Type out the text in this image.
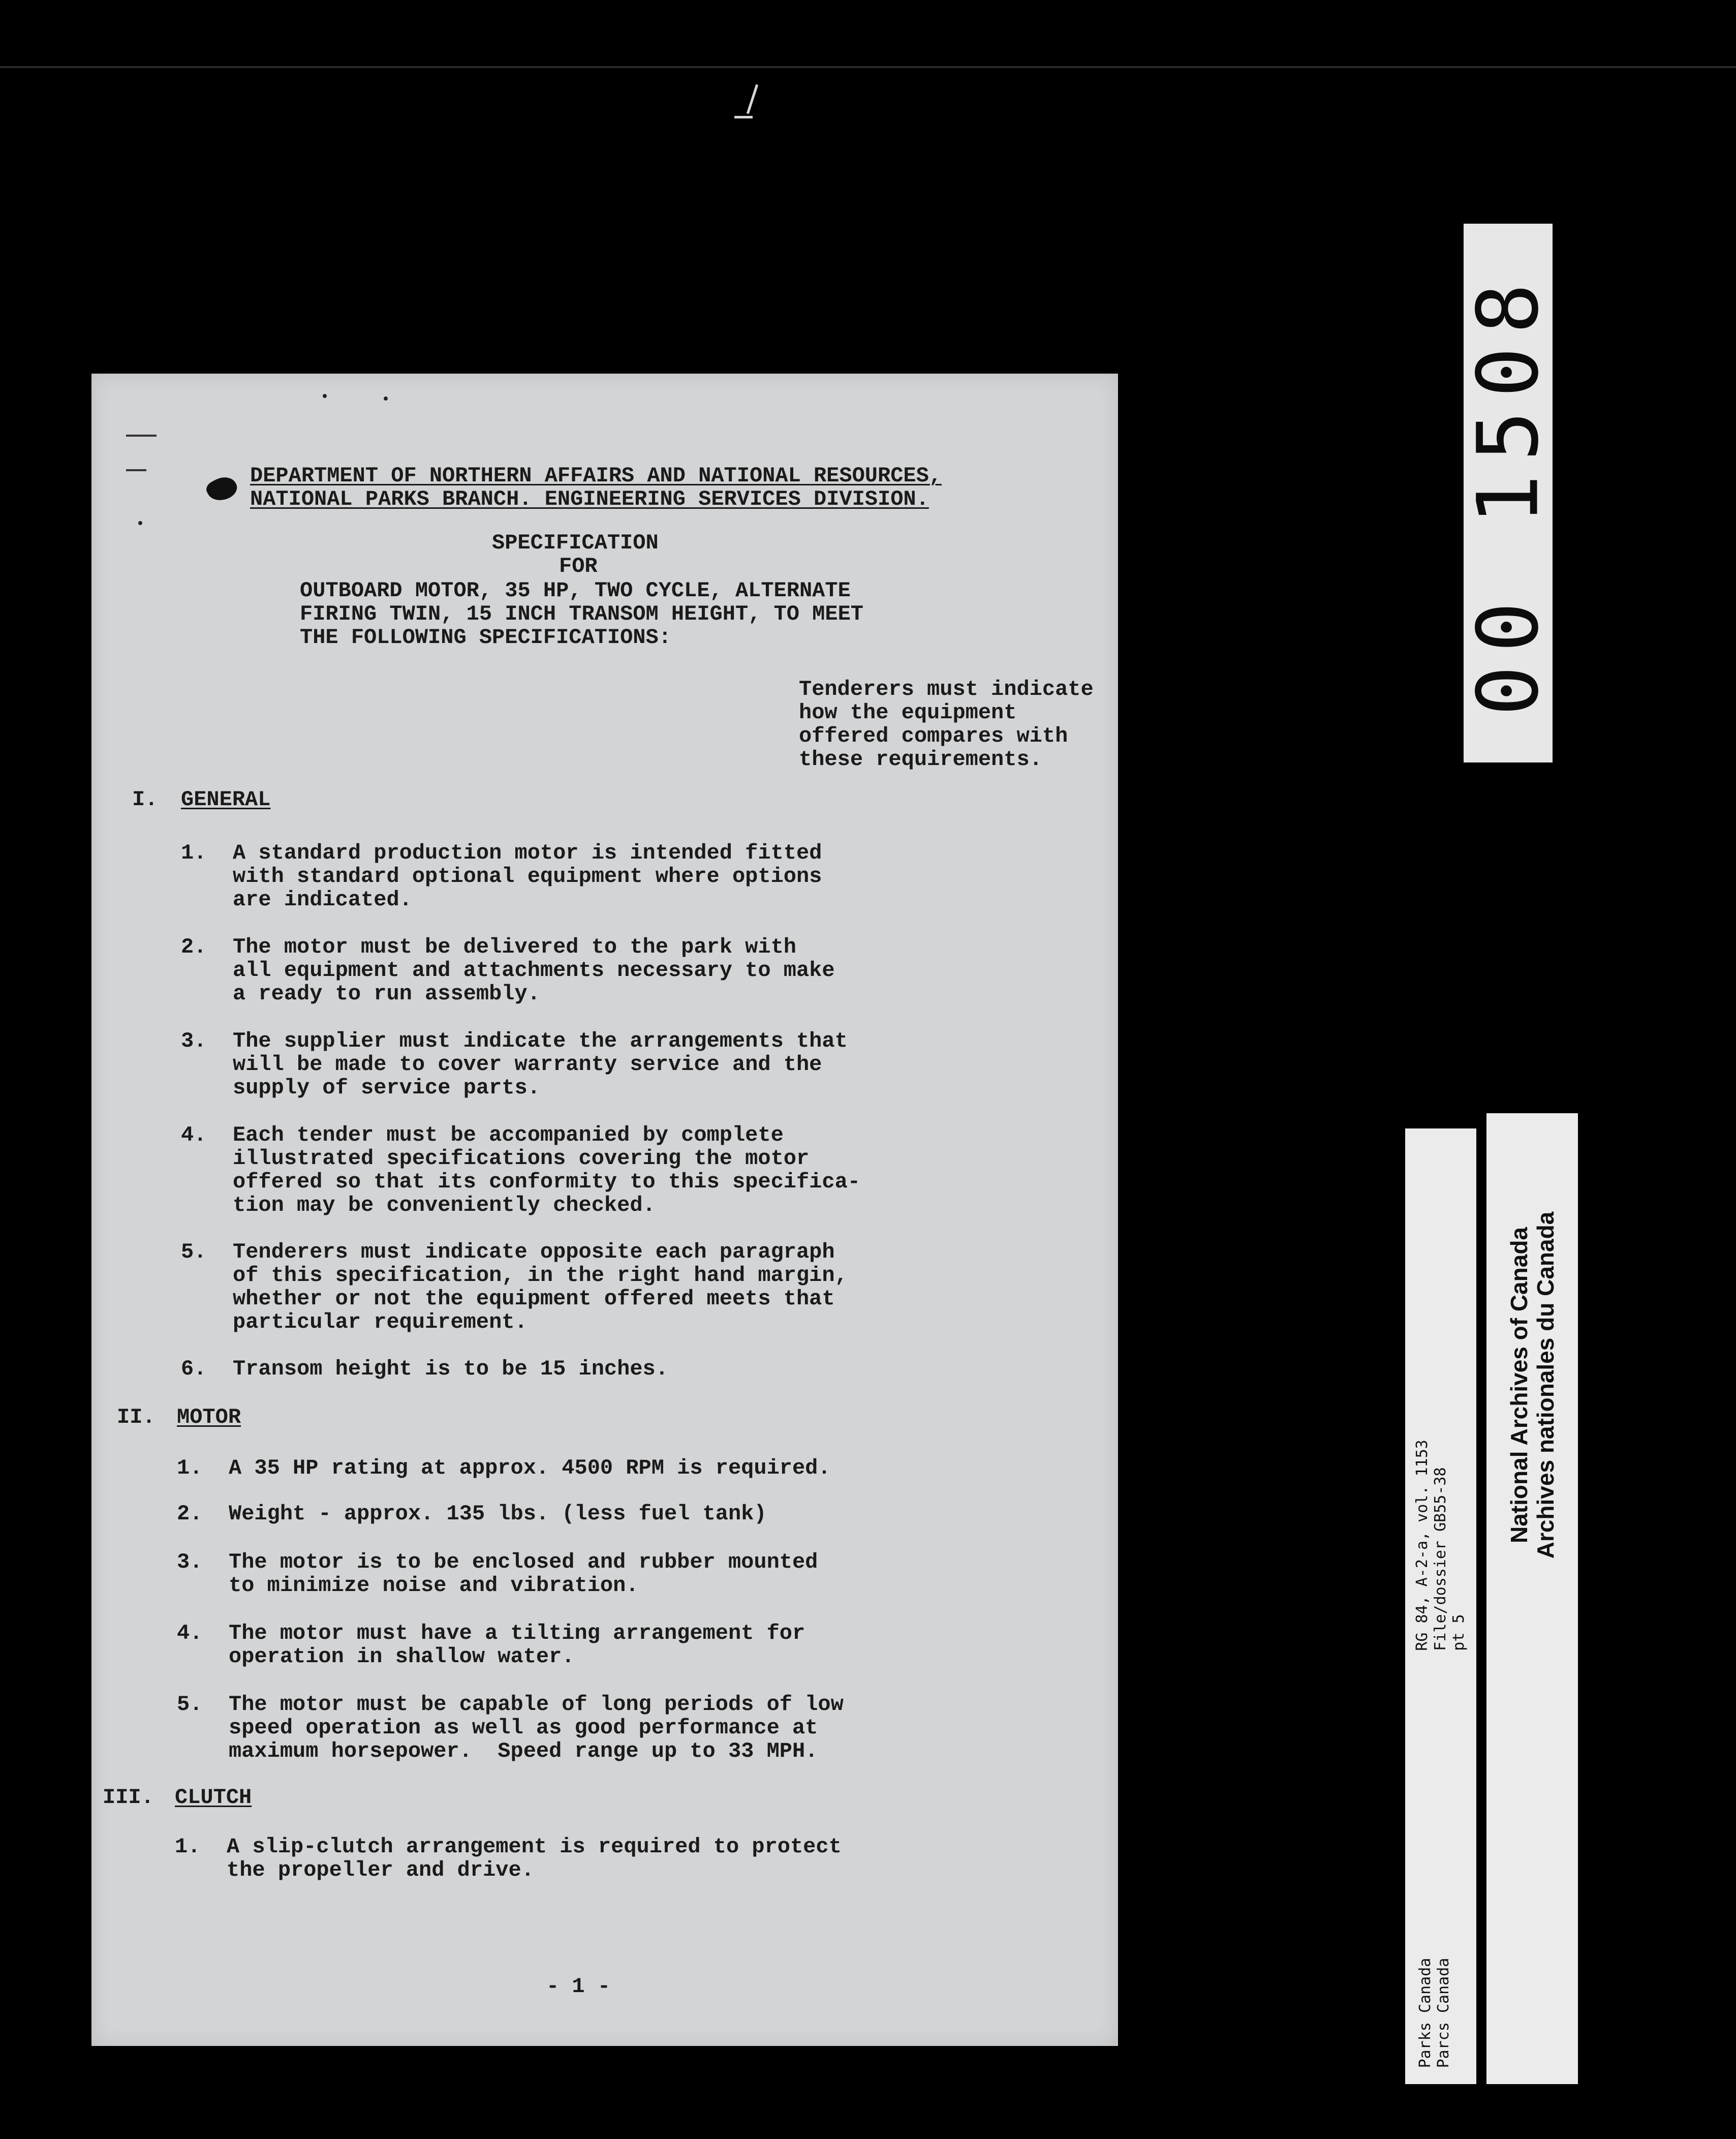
DEPARTMENT OF NORTHERN AFFAIRS AND NATIONAL RESOURCES,
NATIONAL PARKS BRANCH. ENGINEERING SERVICES DIVISION.
SPECIFICATION
FOR
OUTBOARD MOTOR, 35 HP, TWO CYCLE, ALTERNATE
FIRING TWIN, 15 INCH TRANSOM HEIGHT, TO MEET
THE FOLLOWING SPECIFICATIONS:
Tenderers must indicate
how the equipment
offered compares with
these requirements.
I. GENERAL
1. A standard production motor is intended fitted
with standard optional equipment where options
are indicated.
2. The motor must be delivered to the park with
all equipment and attachments necessary to make
a ready to run assembly.
3. The supplier must indicate the arrangements that
will be made to cover warranty service and the
supply of service parts.
4. Each tender must be accompanied by complete
illustrated specifications covering the motor
offered so that its conformity to this specifica-
tion may be conveniently checked.
5. Tenderers must indicate opposite each paragraph
of this specification, in the right hand margin,
whether or not the equipment offered meets that
particular requirement.
6. Transom height is to be 15 inches.
II. MOTOR
1. A 35 HP rating at approx. 4500 RPM is required.
2. Weight - approx. 135 lbs. (less fuel tank)
3. The motor is to be enclosed and rubber mounted
to minimize noise and vibration.
4. The motor must have a tilting arrangement for
operation in shallow water.
5. The motor must be capable of long periods of low
speed operation as well as good performance at
maximum horsepower.  Speed range up to 33 MPH.
III. CLUTCH
1. A slip-clutch arrangement is required to protect
the propeller and drive.
- 1 -
00 1508
RG 84, A-2-a, vol. 1153 File/dossier GB55-38 pt 5
Parks Canada Parcs Canada
National Archives of Canada Archives nationales du Canada
